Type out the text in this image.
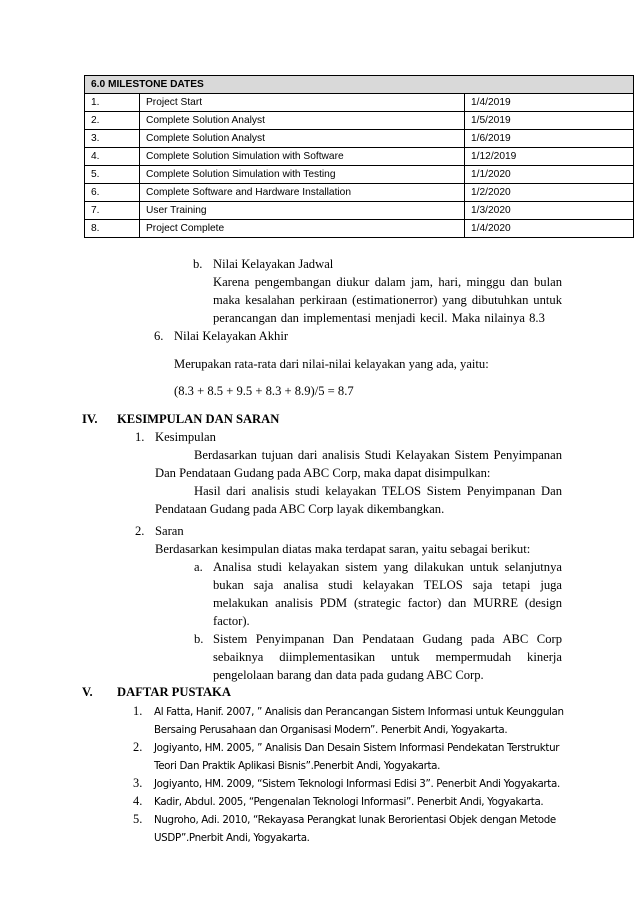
6.0 MILESTONE DATES		
1.	Project Start	1/4/2019
2.	Complete Solution Analyst	1/5/2019
3.	Complete Solution Analyst	1/6/2019
4.	Complete Solution Simulation with Software	1/12/2019
5.	Complete Solution Simulation with Testing	1/1/2020
6.	Complete Software and Hardware Installation	1/2/2020
7.	User Training	1/3/2020
8.	Project Complete	1/4/2020
b. Nilai Kelayakan Jadwal
Karena pengembangan diukur dalam jam, hari, minggu dan bulan
maka kesalahan perkiraan (estimationerror) yang dibutuhkan untuk
perancangan dan implementasi menjadi kecil. Maka nilainya 8.3
6. Nilai Kelayakan Akhir
Merupakan rata-rata dari nilai-nilai kelayakan yang ada, yaitu:
(8.3 + 8.5 + 9.5 + 8.3 + 8.9)/5 = 8.7
IV. KESIMPULAN DAN SARAN
1. Kesimpulan
Berdasarkan tujuan dari analisis Studi Kelayakan Sistem Penyimpanan
Dan Pendataan Gudang pada ABC Corp, maka dapat disimpulkan:
Hasil dari analisis studi kelayakan TELOS Sistem Penyimpanan Dan
Pendataan Gudang pada ABC Corp layak dikembangkan.
2. Saran
Berdasarkan kesimpulan diatas maka terdapat saran, yaitu sebagai berikut:
a. Analisa studi kelayakan sistem yang dilakukan untuk selanjutnya
bukan saja analisa studi kelayakan TELOS saja tetapi juga
melakukan analisis PDM (strategic factor) dan MURRE (design
factor).
b. Sistem Penyimpanan Dan Pendataan Gudang pada ABC Corp
sebaiknya diimplementasikan untuk mempermudah kinerja
pengelolaan barang dan data pada gudang ABC Corp.
V. DAFTAR PUSTAKA
1. Al Fatta, Hanif. 2007, ” Analisis dan Perancangan Sistem Informasi untuk Keunggulan
Bersaing Perusahaan dan Organisasi Modern”. Penerbit Andi, Yogyakarta.
2. Jogiyanto, HM. 2005, ” Analisis Dan Desain Sistem Informasi Pendekatan Terstruktur
Teori Dan Praktik Aplikasi Bisnis”.Penerbit Andi, Yogyakarta.
3. Jogiyanto, HM. 2009, “Sistem Teknologi Informasi Edisi 3”. Penerbit Andi Yogyakarta.
4. Kadir, Abdul. 2005, “Pengenalan Teknologi Informasi”. Penerbit Andi, Yogyakarta.
5. Nugroho, Adi. 2010, “Rekayasa Perangkat lunak Berorientasi Objek dengan Metode
USDP”.Pnerbit Andi, Yogyakarta.
